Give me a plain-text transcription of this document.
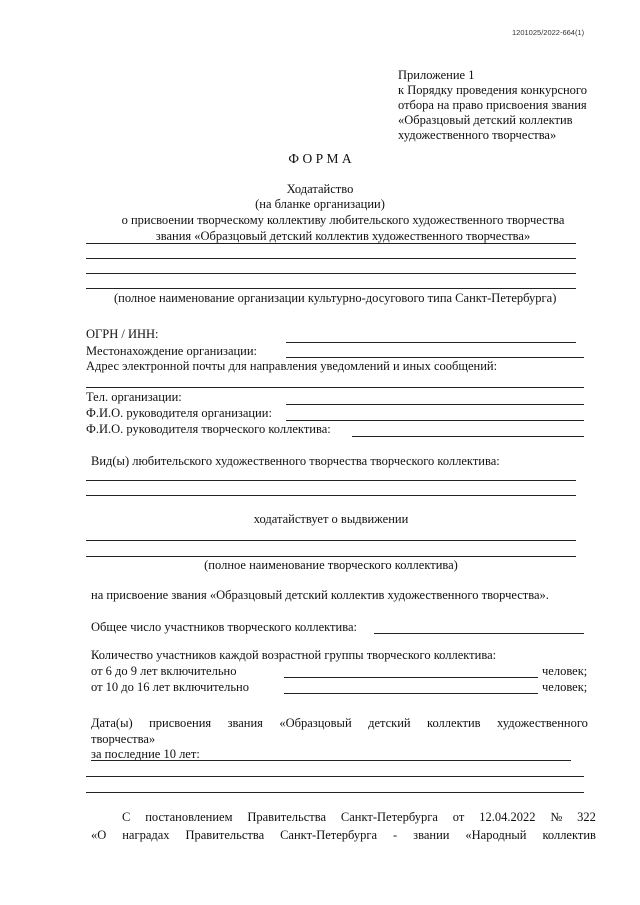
1201025/2022-664(1)
Приложение 1
к Порядку проведения конкурсного
отбора на право присвоения звания
«Образцовый детский коллектив
художественного творчества»
Ф О Р М А
Ходатайство
(на бланке организации)
о присвоении творческому коллективу любительского художественного творчества
звания «Образцовый детский коллектив художественного творчества»
(полное наименование организации культурно-досугового типа Санкт-Петербурга)
ОГРН / ИНН:
Местонахождение организации:
Адрес электронной почты для направления уведомлений и иных сообщений:
Тел. организации:
Ф.И.О. руководителя организации:
Ф.И.О. руководителя творческого коллектива:
Вид(ы) любительского художественного творчества творческого коллектива:
ходатайствует о выдвижении
(полное наименование творческого коллектива)
на присвоение звания «Образцовый детский коллектив художественного творчества».
Общее число участников творческого коллектива:
Количество участников каждой возрастной группы творческого коллектива:
от 6 до 9 лет включительно	человек;
от 10 до 16 лет включительно	человек;
Дата(ы) присвоения звания «Образцовый детский коллектив художественного
творчества»
за последние 10 лет:
С постановлением Правительства Санкт-Петербурга от 12.04.2022 № 322
«О наградах Правительства Санкт-Петербурга - звании «Народный коллектив
